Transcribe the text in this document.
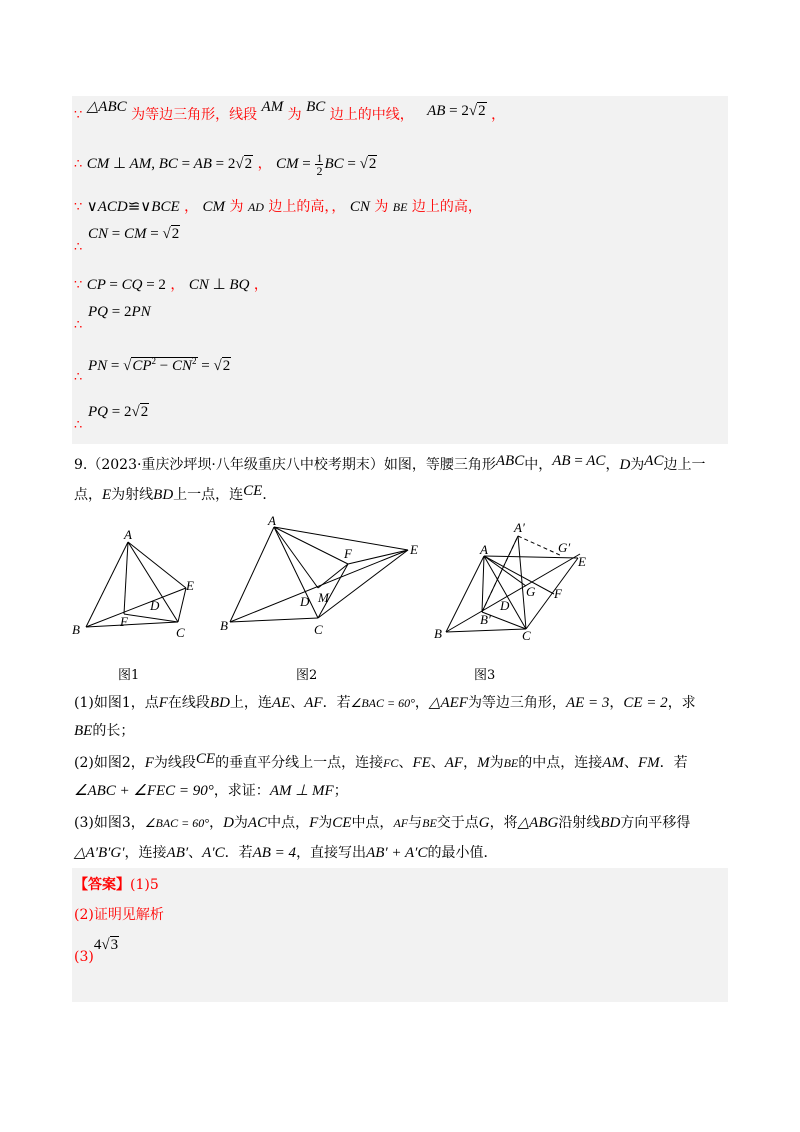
∵ △ABC 为等边三角形，线段 AM 为 BC 边上的中线， AB = 2√2 ，
∴ CM ⊥ AM, BC = AB = 2√2 ， CM = $\frac{1}{2}$ BC = √2
∵ ∨ACD≌∨BCE ， CM 为 AD 边上的高，， CN 为 BE 边上的高，
CN = CM = √2
∴
∵ CP = CQ = 2 ， CN ⊥ BQ ，
PQ = 2PN
∴
PN = $√CP^2 - CN^2 = √2$
∴
PQ = 2√2
∴
9.（2023·重庆沙坪坝·八年级重庆八中校考期末）如图，等腰三角形ABC中，AB = AC，D为AC边上一
点，E为射线BD上一点，连CE．
A
B	C
D
E
F
A
B	C
D
E
F
M
A
A′
B
B′
C
D
E
F
G
G′
图1	图2	图3
(1)如图1，点F在线段BD上，连AE、AF．若∠BAC = 60°，△AEF为等边三角形，AE = 3，CE = 2，求
BE的长；
(2)如图2，F为线段CE的垂直平分线上一点，连接FC、FE、AF，M为BE的中点，连接AM、FM．若
∠ABC + ∠FEC = 90°，求证：AM ⊥ MF；
(3)如图3，∠BAC = 60°，D为AC中点，F为CE中点，AF与BE交于点G，将△ABG沿射线BD方向平移得
△A′B′G′，连接AB′、A′C．若AB = 4，直接写出AB′ + A′C的最小值．
【答案】(1)5
(2)证明见解析
(3)4√3
